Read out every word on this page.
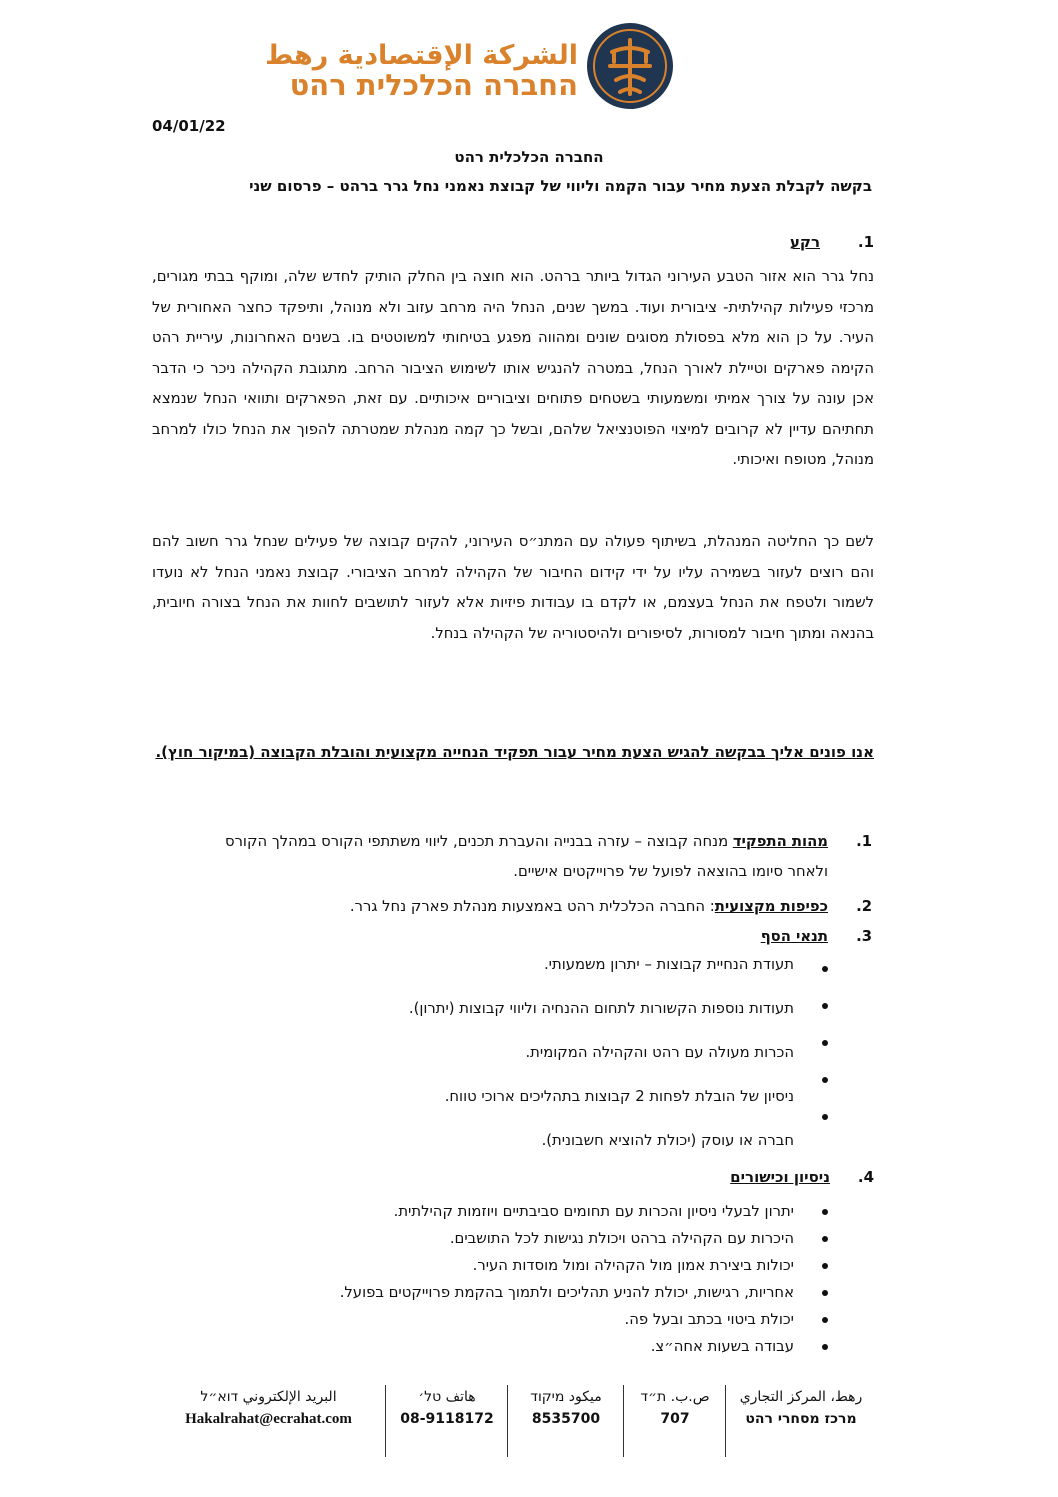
الشركة الإقتصادية رهط
החברה הכלכלית רהט
04/01/22
החברה הכלכלית רהט
בקשה לקבלת הצעת מחיר עבור הקמה וליווי של קבוצת נאמני נחל גרר ברהט – פרסום שני
1.רקע
נחל גרר הוא אזור הטבע העירוני הגדול ביותר ברהט. הוא חוצה בין החלק הותיק לחדש שלה, ומוקף בבתי מגורים, מרכזי פעילות קהילתית- ציבורית ועוד. במשך שנים, הנחל היה מרחב עזוב ולא מנוהל, ותיפקד כחצר האחורית של העיר. על כן הוא מלא בפסולת מסוגים שונים ומהווה מפגע בטיחותי למשוטטים בו. בשנים האחרונות, עיריית רהט הקימה פארקים וטיילת לאורך הנחל, במטרה להנגיש אותו לשימוש הציבור הרחב. מתגובת הקהילה ניכר כי הדבר אכן עונה על צורך אמיתי ומשמעותי בשטחים פתוחים וציבוריים איכותיים. עם זאת, הפארקים ותוואי הנחל שנמצא תחתיהם עדיין לא קרובים למיצוי הפוטנציאל שלהם, ובשל כך קמה מנהלת שמטרתה להפוך את הנחל כולו למרחב מנוהל, מטופח ואיכותי.
לשם כך החליטה המנהלת, בשיתוף פעולה עם המתנ״ס העירוני, להקים קבוצה של פעילים שנחל גרר חשוב להם והם רוצים לעזור בשמירה עליו על ידי קידום החיבור של הקהילה למרחב הציבורי. קבוצת נאמני הנחל לא נועדו לשמור ולטפח את הנחל בעצמם, או לקדם בו עבודות פיזיות אלא לעזור לתושבים לחוות את הנחל בצורה חיובית, בהנאה ומתוך חיבור למסורות, לסיפורים ולהיסטוריה של הקהילה בנחל.
אנו פונים אליך בבקשה להגיש הצעת מחיר עבור תפקיד הנחייה מקצועית והובלת הקבוצה (במיקור חוץ).
1.
מהות התפקיד מנחה קבוצה – עזרה בבנייה והעברת תכנים, ליווי משתתפי הקורס במהלך הקורס ולאחר סיומו בהוצאה לפועל של פרוייקטים אישיים.
2.
כפיפות מקצועית: החברה הכלכלית רהט באמצעות מנהלת פארק נחל גרר.
3.
תנאי הסף
תעודת הנחיית קבוצות – יתרון משמעותי.
תעודות נוספות הקשורות לתחום ההנחיה וליווי קבוצות (יתרון).
הכרות מעולה עם רהט והקהילה המקומית.
ניסיון של הובלת לפחות 2 קבוצות בתהליכים ארוכי טווח.
חברה או עוסק (יכולת להוציא חשבונית).
4.ניסיון וכישורים
יתרון לבעלי ניסיון והכרות עם תחומים סביבתיים ויוזמות קהילתית.
היכרות עם הקהילה ברהט ויכולת נגישות לכל התושבים.
יכולות ביצירת אמון מול הקהילה ומול מוסדות העיר.
אחריות, רגישות, יכולת להניע תהליכים ולתמוך בהקמת פרוייקטים בפועל.
יכולת ביטוי בכתב ובעל פה.
עבודה בשעות אחה״צ.
رهط، المركز التجاري
מרכז מסחרי רהט
ص.ب. ת״ד
707
ميكود מיקוד
8535700
هاتف טל׳
08-9118172
البريد الإلكتروني דוא״ל
Hakalrahat@ecrahat.com
